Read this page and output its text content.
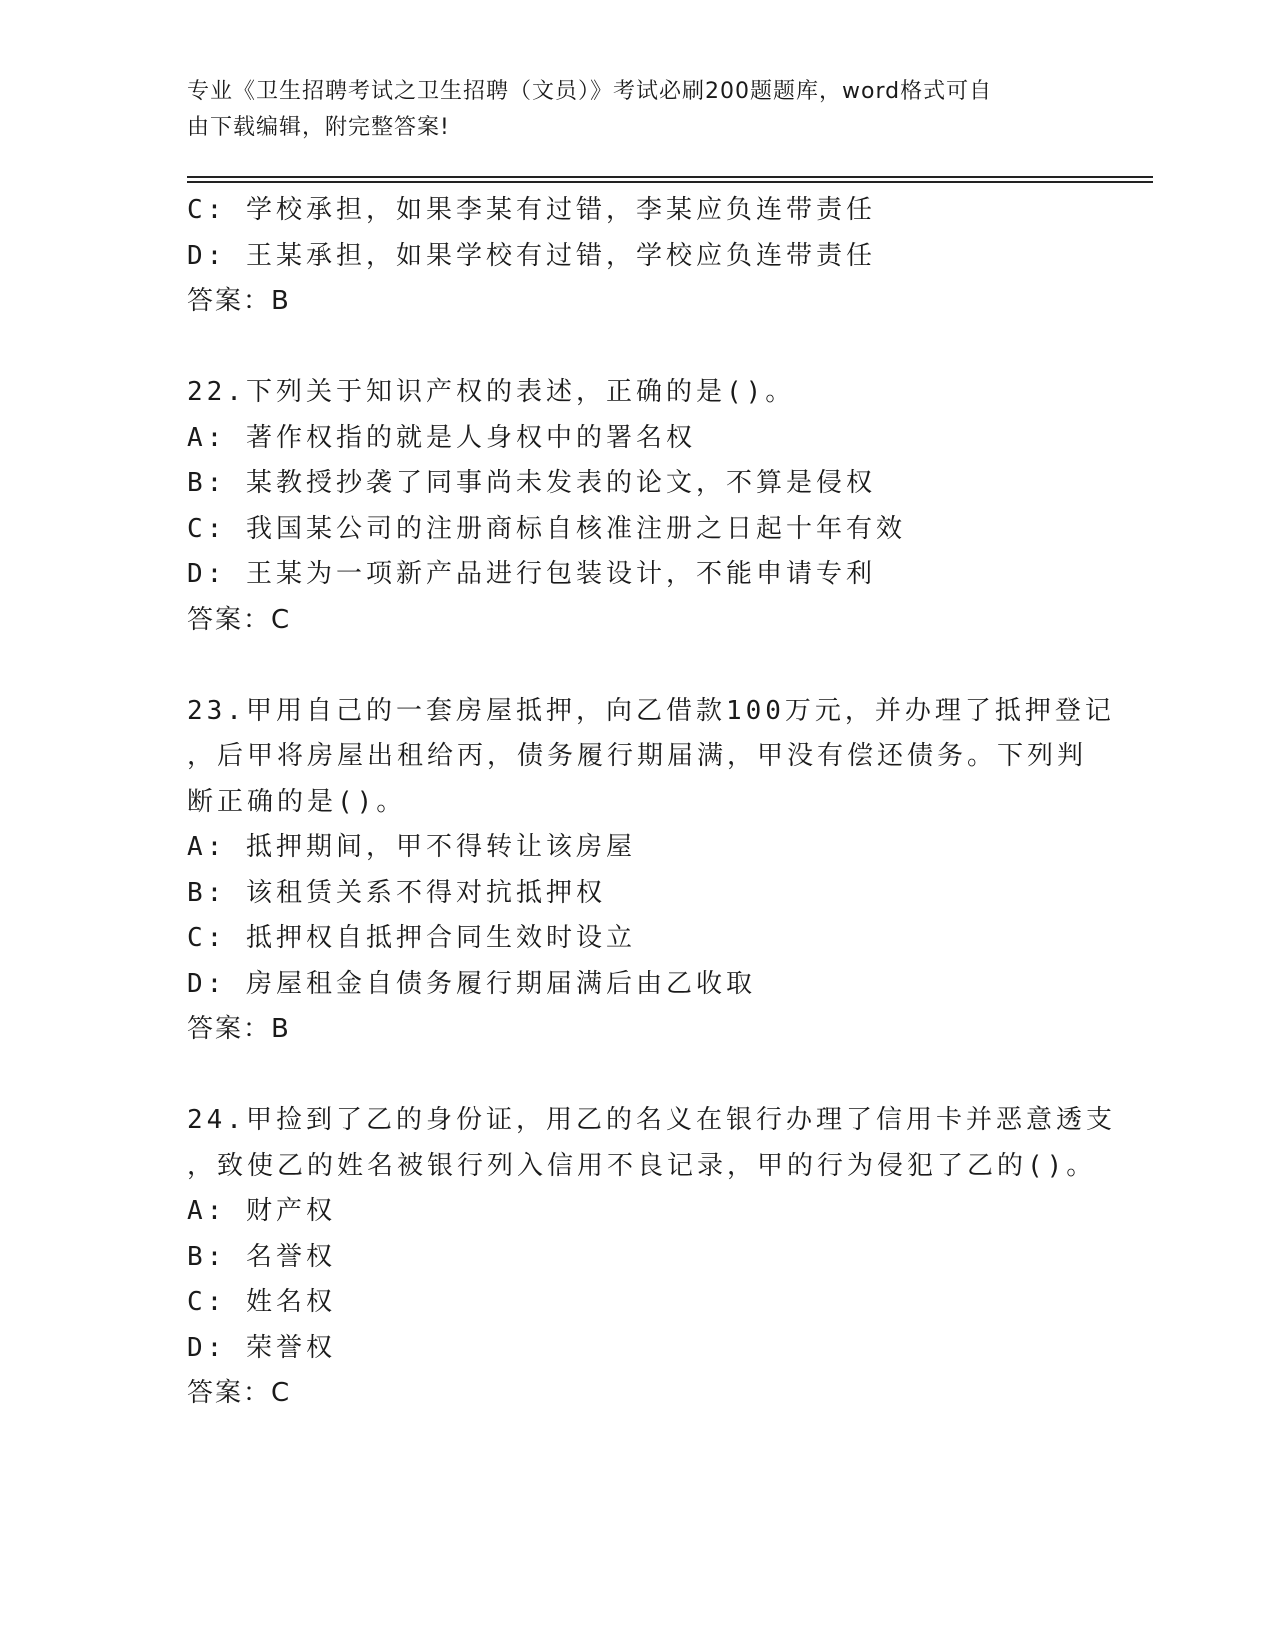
专业《卫生招聘考试之卫生招聘（文员）》考试必刷200题题库，word格式可自
由下载编辑，附完整答案!
C: 学校承担，如果李某有过错，李某应负连带责任
D: 王某承担，如果学校有过错，学校应负连带责任
答案：B
22.下列关于知识产权的表述，正确的是()。
A: 著作权指的就是人身权中的署名权
B: 某教授抄袭了同事尚未发表的论文，不算是侵权
C: 我国某公司的注册商标自核准注册之日起十年有效
D: 王某为一项新产品进行包装设计，不能申请专利
答案：C
23.甲用自己的一套房屋抵押，向乙借款100万元，并办理了抵押登记
，后甲将房屋出租给丙，债务履行期届满，甲没有偿还债务。下列判
断正确的是()。
A: 抵押期间，甲不得转让该房屋
B: 该租赁关系不得对抗抵押权
C: 抵押权自抵押合同生效时设立
D: 房屋租金自债务履行期届满后由乙收取
答案：B
24.甲捡到了乙的身份证，用乙的名义在银行办理了信用卡并恶意透支
，致使乙的姓名被银行列入信用不良记录，甲的行为侵犯了乙的()。
A: 财产权
B: 名誉权
C: 姓名权
D: 荣誉权
答案：C
